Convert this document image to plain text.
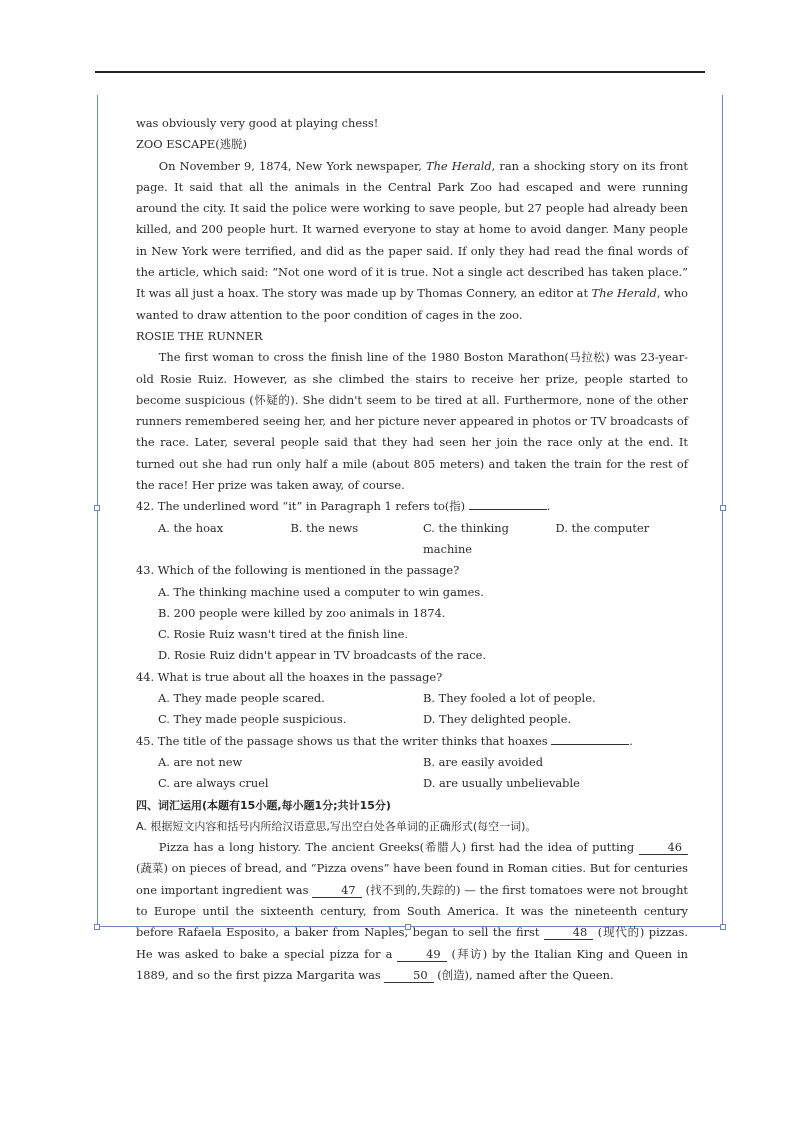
was obviously very good at playing chess!
ZOO ESCAPE(逃脱)

On November 9, 1874, New York newspaper, The Herald, ran a shocking story on its front page. It said that all the animals in the Central Park Zoo had escaped and were running around the city. It said the police were working to save people, but 27 people had already been killed, and 200 people hurt. It warned everyone to stay at home to avoid danger. Many people in New York were terrified, and did as the paper said. If only they had read the final words of the article, which said: “Not one word of it is true. Not a single act described has taken place.” It was all just a hoax. The story was made up by Thomas Connery, an editor at The Herald, who wanted to draw attention to the poor condition of cages in the zoo.

ROSIE THE RUNNER

The first woman to cross the finish line of the 1980 Boston Marathon(马拉松) was 23-year-old Rosie Ruiz. However, as she climbed the stairs to receive her prize, people started to become suspicious (怀疑的). She didn't seem to be tired at all. Furthermore, none of the other runners remembered seeing her, and her picture never appeared in photos or TV broadcasts of the race. Later, several people said that they had seen her join the race only at the end. It turned out she had run only half a mile (about 805 meters) and taken the train for the rest of the race! Her prize was taken away, of course.

42. The underlined word “it” in Paragraph 1 refers to(指)	.
A. the hoax	B. the news	C. the thinking machine
D. the computer
43. Which of the following is mentioned in the passage?
A. The thinking machine used a computer to win games.
B. 200 people were killed by zoo animals in 1874.
C. Rosie Ruiz wasn't tired at the finish line.
D. Rosie Ruiz didn't appear in TV broadcasts of the race.
44. What is true about all the hoaxes in the passage?
A. They made people scared.	B. They fooled a lot of people.
C. They made people suspicious.	D. They delighted people.
45. The title of the passage shows us that the writer thinks that hoaxes	.
A. are not new	B. are easily avoided
C. are always cruel	D. are usually unbelievable
四、词汇运用(本题有15小题,每小题1分;共计15分)
A. 根据短文内容和括号内所给汉语意思,写出空白处各单词的正确形式(每空一词)。

Pizza has a long history. The ancient Greeks(希腊人) first had the idea of putting	46 (蔬菜) on pieces of bread, and “Pizza ovens” have been found in Roman cities. But for centuries one important ingredient was	47 (找不到的,失踪的) — the first tomatoes were not brought to Europe until the sixteenth century, from South America. It was the nineteenth century before Rafaela Esposito, a baker from Naples, began to sell the first	48 (现代的) pizzas. He was asked to bake a special pizza for a	49 (拜访) by the Italian King and Queen in 1889, and so the first pizza Margarita was	50 (创造), named after the Queen.
